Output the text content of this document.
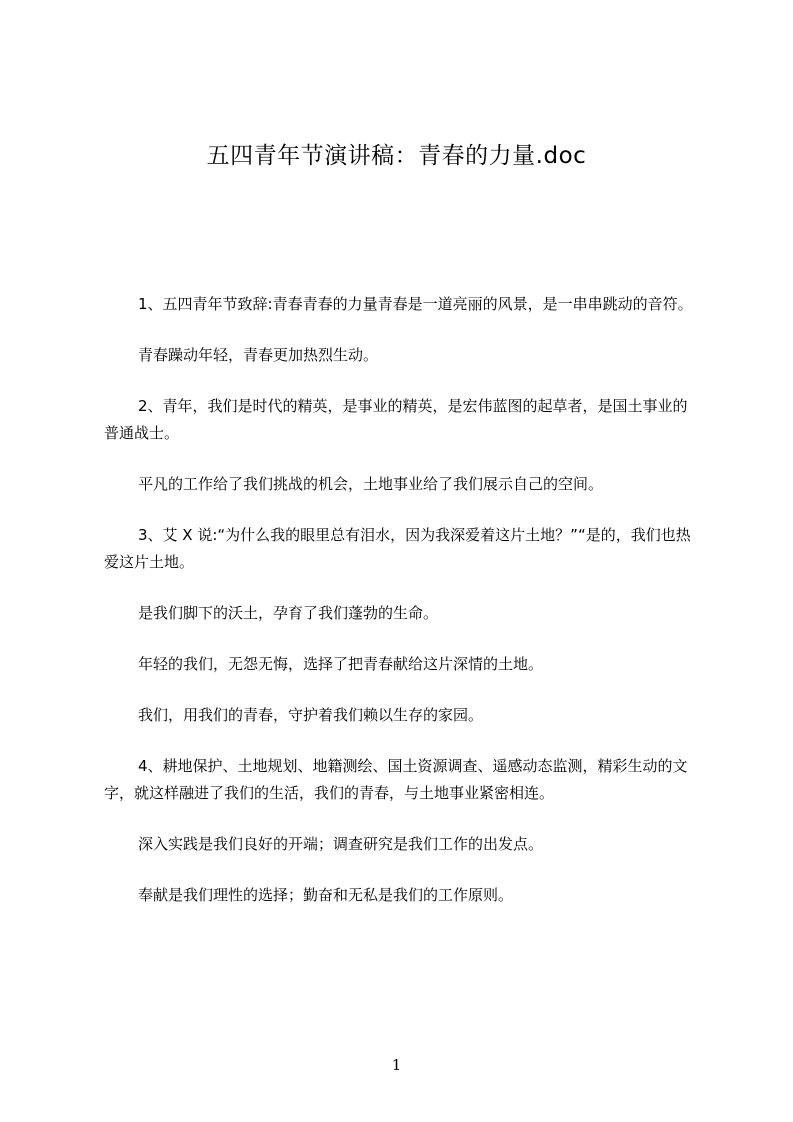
五四青年节演讲稿：青春的力量.doc

1、五四青年节致辞:青春青春的力量青春是一道亮丽的风景，是一串串跳动的音符。

青春躁动年轻，青春更加热烈生动。

2、青年，我们是时代的精英，是事业的精英，是宏伟蓝图的起草者，是国土事业的普通战士。

平凡的工作给了我们挑战的机会，土地事业给了我们展示自己的空间。

3、艾 X 说:“为什么我的眼里总有泪水，因为我深爱着这片土地？”“是的，我们也热爱这片土地。

是我们脚下的沃土，孕育了我们蓬勃的生命。

年轻的我们，无怨无悔，选择了把青春献给这片深情的土地。

我们，用我们的青春，守护着我们赖以生存的家园。

4、耕地保护、土地规划、地籍测绘、国土资源调查、遥感动态监测，精彩生动的文字，就这样融进了我们的生活，我们的青春，与土地事业紧密相连。

深入实践是我们良好的开端；调查研究是我们工作的出发点。

奉献是我们理性的选择；勤奋和无私是我们的工作原则。

1
